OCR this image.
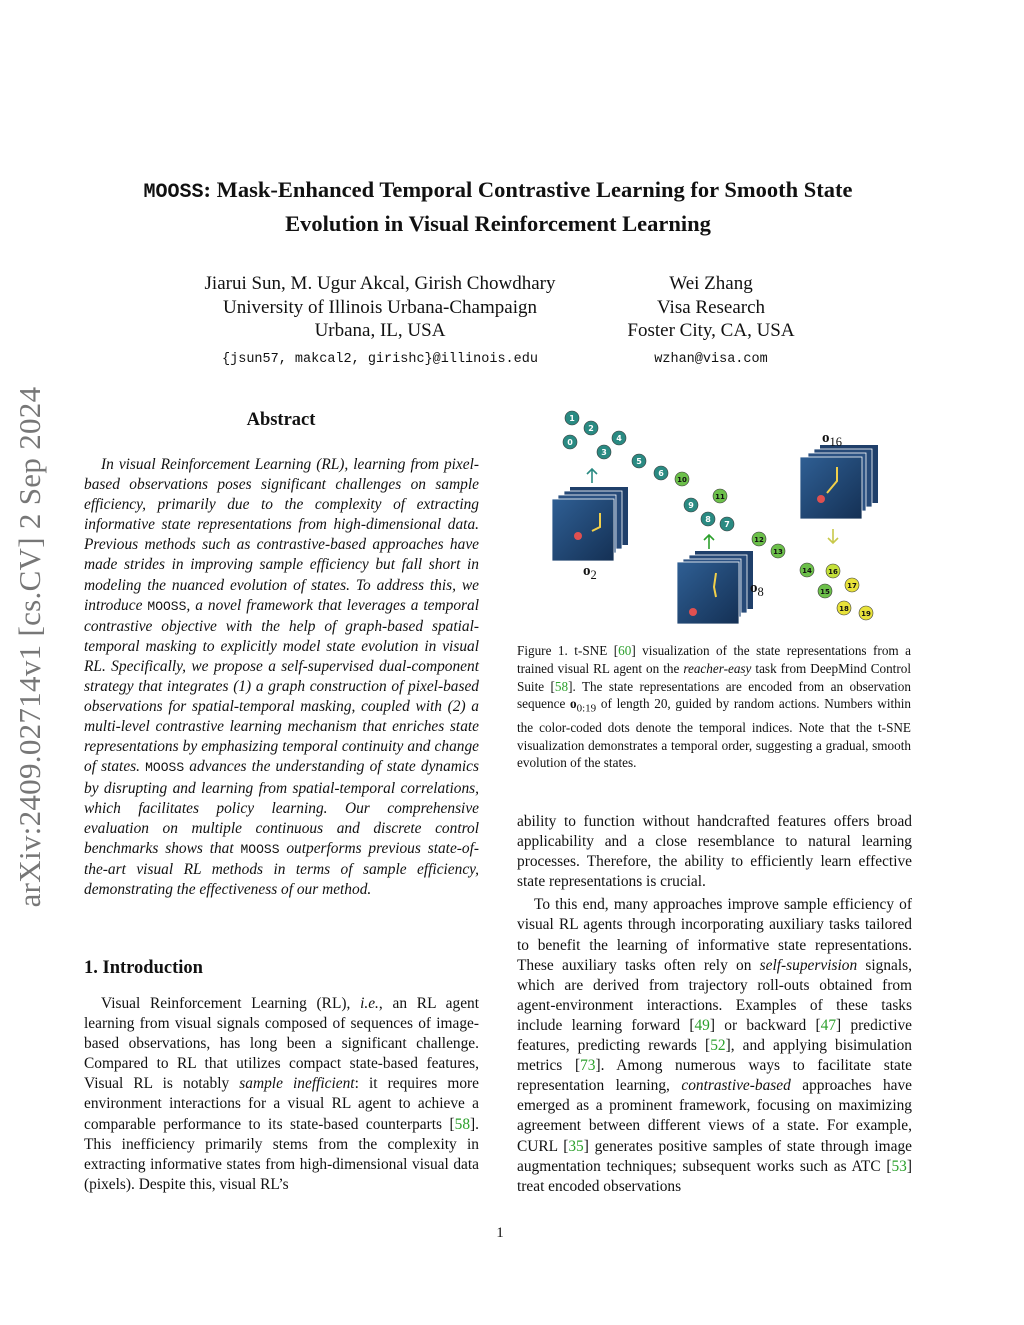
arXiv:2409.02714v1 [cs.CV] 2 Sep 2024
MOOSS: Mask-Enhanced Temporal Contrastive Learning for Smooth State
Evolution in Visual Reinforcement Learning
Jiarui Sun, M. Ugur Akcal, Girish Chowdhary
University of Illinois Urbana-Champaign
Urbana, IL, USA
{jsun57, makcal2, girishc}@illinois.edu
Wei Zhang
Visa Research
Foster City, CA, USA
wzhan@visa.com
Abstract

In visual Reinforcement Learning (RL), learning from pixel-based observations poses significant challenges on sample efficiency, primarily due to the complexity of extracting informative state representations from high-dimensional data. Previous methods such as contrastive-based approaches have made strides in improving sample efficiency but fall short in modeling the nuanced evolution of states. To address this, we introduce MOOSS, a novel framework that leverages a temporal contrastive objective with the help of graph-based spatial-temporal masking to explicitly model state evolution in visual RL. Specifically, we propose a self-supervised dual-component strategy that integrates (1) a graph construction of pixel-based observations for spatial-temporal masking, coupled with (2) a multi-level contrastive learning mechanism that enriches state representations by emphasizing temporal continuity and change of states. MOOSS advances the understanding of state dynamics by disrupting and learning from spatial-temporal correlations, which facilitates policy learning. Our comprehensive evaluation on multiple continuous and discrete control benchmarks shows that MOOSS outperforms previous state-of-the-art visual RL methods in terms of sample efficiency, demonstrating the effectiveness of our method.

1. Introduction

Visual Reinforcement Learning (RL), i.e., an RL agent learning from visual signals composed of sequences of image-based observations, has long been a significant challenge. Compared to RL that utilizes compact state-based features, Visual RL is notably sample inefficient: it requires more environment interactions for a visual RL agent to achieve a comparable performance to its state-based counterparts [58]. This inefficiency primarily stems from the complexity in extracting informative states from high-dimensional visual data (pixels). Despite this, visual RL’s

0
1
2
3
4
5
6
7
8
9
10
11
12
13
14
15
16
17
18
19
$o_2$
$o_8$
$o_{16}$
Figure 1. t-SNE [60] visualization of the state representations from a trained visual RL agent on the reacher-easy task from DeepMind Control Suite [58]. The state representations are encoded from an observation sequence $o_{0:19}$ of length 20, guided by random actions. Numbers within the color-coded dots denote the temporal indices. Note that the t-SNE visualization demonstrates a temporal order, suggesting a gradual, smooth evolution of the states.

ability to function without handcrafted features offers broad applicability and a close resemblance to natural learning processes. Therefore, the ability to efficiently learn effective state representations is crucial.

To this end, many approaches improve sample efficiency of visual RL agents through incorporating auxiliary tasks tailored to benefit the learning of informative state representations. These auxiliary tasks often rely on self-supervision signals, which are derived from trajectory roll-outs obtained from agent-environment interactions. Examples of these tasks include learning forward [49] or backward [47] predictive features, predicting rewards [52], and applying bisimulation metrics [73]. Among numerous ways to facilitate state representation learning, contrastive-based approaches have emerged as a prominent framework, focusing on maximizing agreement between different views of a state. For example, CURL [35] generates positive samples of state through image augmentation techniques; subsequent works such as ATC [53] treat encoded observations

1
